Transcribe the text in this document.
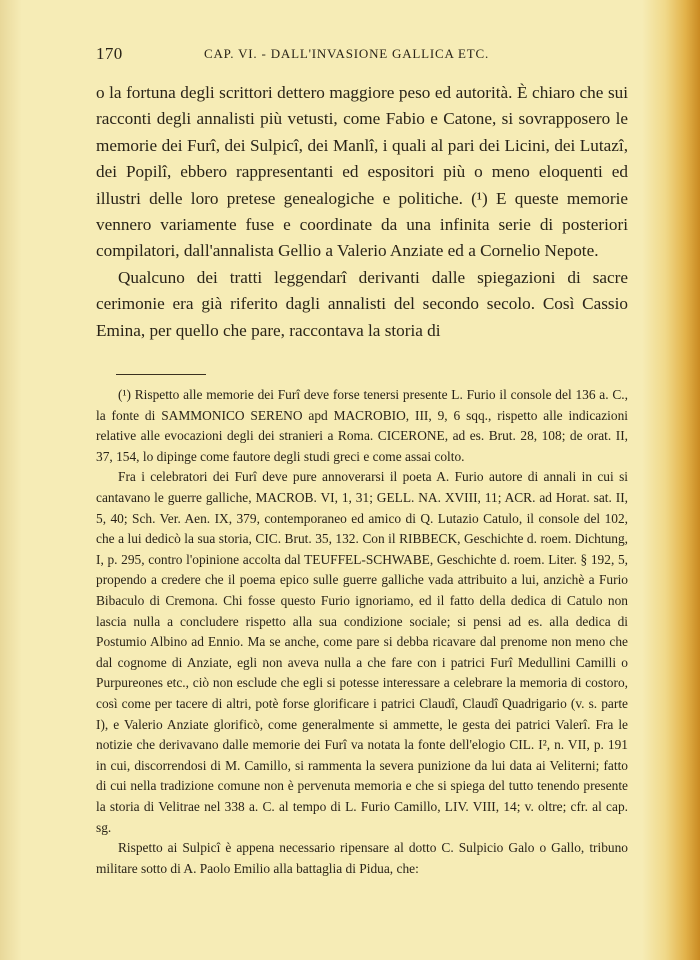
170	CAP. VI. - DALL'INVASIONE GALLICA ETC.

o la fortuna degli scrittori dettero maggiore peso ed autorità. È chiaro che sui racconti degli annalisti più vetusti, come Fabio e Catone, si sovrapposero le memorie dei Furî, dei Sulpicî, dei Manlî, i quali al pari dei Licini, dei Lutazî, dei Popilî, ebbero rappresentanti ed espositori più o meno eloquenti ed illustri delle loro pretese genealogiche e politiche. (¹) E queste memorie vennero variamente fuse e coordinate da una infinita serie di posteriori compilatori, dall'annalista Gellio a Valerio Anziate ed a Cornelio Nepote.

Qualcuno dei tratti leggendarî derivanti dalle spiegazioni di sacre cerimonie era già riferito dagli annalisti del secondo secolo. Così Cassio Emina, per quello che pare, raccontava la storia di

(¹) Rispetto alle memorie dei Furî deve forse tenersi presente L. Furio il console del 136 a. C., la fonte di SAMMONICO SERENO apd MACROBIO, III, 9, 6 sqq., rispetto alle indicazioni relative alle evocazioni degli dei stranieri a Roma. CICERONE, ad es. Brut. 28, 108; de orat. II, 37, 154, lo dipinge come fautore degli studi greci e come assai colto.

Fra i celebratori dei Furî deve pure annoverarsi il poeta A. Furio autore di annali in cui si cantavano le guerre galliche, MACROB. VI, 1, 31; GELL. NA. XVIII, 11; ACR. ad Horat. sat. II, 5, 40; Sch. Ver. Aen. IX, 379, contemporaneo ed amico di Q. Lutazio Catulo, il console del 102, che a lui dedicò la sua storia, CIC. Brut. 35, 132. Con il RIBBECK, Geschichte d. roem. Dichtung, I, p. 295, contro l'opinione accolta dal TEUFFEL-SCHWABE, Geschichte d. roem. Liter. § 192, 5, propendo a credere che il poema epico sulle guerre galliche vada attribuito a lui, anzichè a Furio Bibaculo di Cremona. Chi fosse questo Furio ignoriamo, ed il fatto della dedica di Catulo non lascia nulla a concludere rispetto alla sua condizione sociale; si pensi ad es. alla dedica di Postumio Albino ad Ennio. Ma se anche, come pare si debba ricavare dal prenome non meno che dal cognome di Anziate, egli non aveva nulla a che fare con i patrici Furî Medullini Camilli o Purpureones etc., ciò non esclude che egli si potesse interessare a celebrare la memoria di costoro, così come per tacere di altri, potè forse glorificare i patrici Claudî, Claudî Quadrigario (v. s. parte I), e Valerio Anziate glorificò, come generalmente si ammette, le gesta dei patrici Valerî. Fra le notizie che derivavano dalle memorie dei Furî va notata la fonte dell'elogio CIL. I², n. VII, p. 191 in cui, discorrendosi di M. Camillo, si rammenta la severa punizione da lui data ai Veliterni; fatto di cui nella tradizione comune non è pervenuta memoria e che si spiega del tutto tenendo presente la storia di Velitrae nel 338 a. C. al tempo di L. Furio Camillo, LIV. VIII, 14; v. oltre; cfr. al cap. sg.

Rispetto ai Sulpicî è appena necessario ripensare al dotto C. Sulpicio Galo o Gallo, tribuno militare sotto di A. Paolo Emilio alla battaglia di Pidua, che:
